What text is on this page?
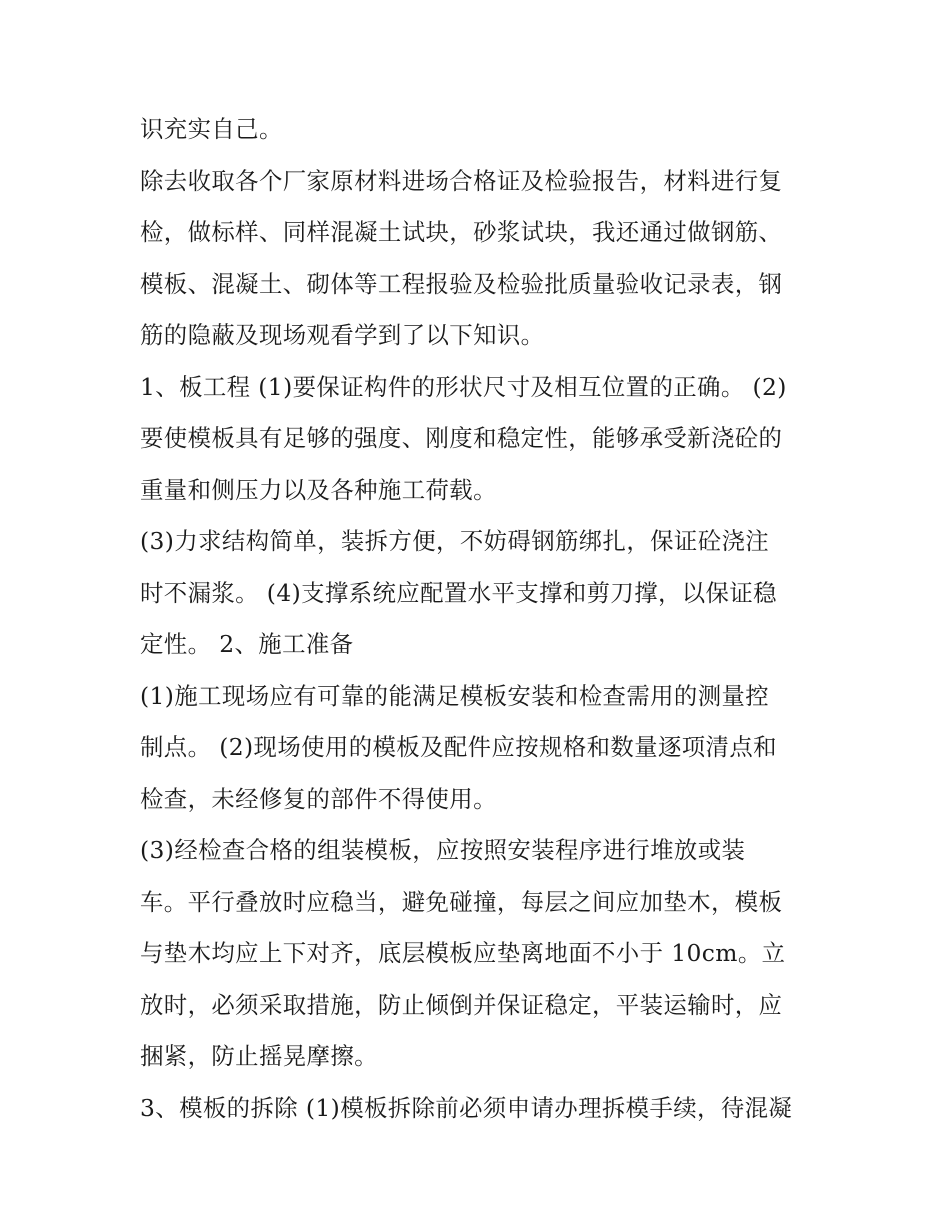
识充实自己。
除去收取各个厂家原材料进场合格证及检验报告，材料进行复
检，做标样、同样混凝土试块，砂浆试块，我还通过做钢筋、
模板、混凝土、砌体等工程报验及检验批质量验收记录表，钢
筋的隐蔽及现场观看学到了以下知识。
1、板工程 (1)要保证构件的形状尺寸及相互位置的正确。 (2)
要使模板具有足够的强度、刚度和稳定性，能够承受新浇砼的
重量和侧压力以及各种施工荷载。
(3)力求结构简单，装拆方便，不妨碍钢筋绑扎，保证砼浇注
时不漏浆。 (4)支撑系统应配置水平支撑和剪刀撑，以保证稳
定性。 2、施工准备
(1)施工现场应有可靠的能满足模板安装和检查需用的测量控
制点。 (2)现场使用的模板及配件应按规格和数量逐项清点和
检查，未经修复的部件不得使用。
(3)经检查合格的组装模板，应按照安装程序进行堆放或装
车。平行叠放时应稳当，避免碰撞，每层之间应加垫木，模板
与垫木均应上下对齐，底层模板应垫离地面不小于 10cm。立
放时，必须采取措施，防止倾倒并保证稳定，平装运输时，应
捆紧，防止摇晃摩擦。
3、模板的拆除 (1)模板拆除前必须申请办理拆模手续，待混凝
